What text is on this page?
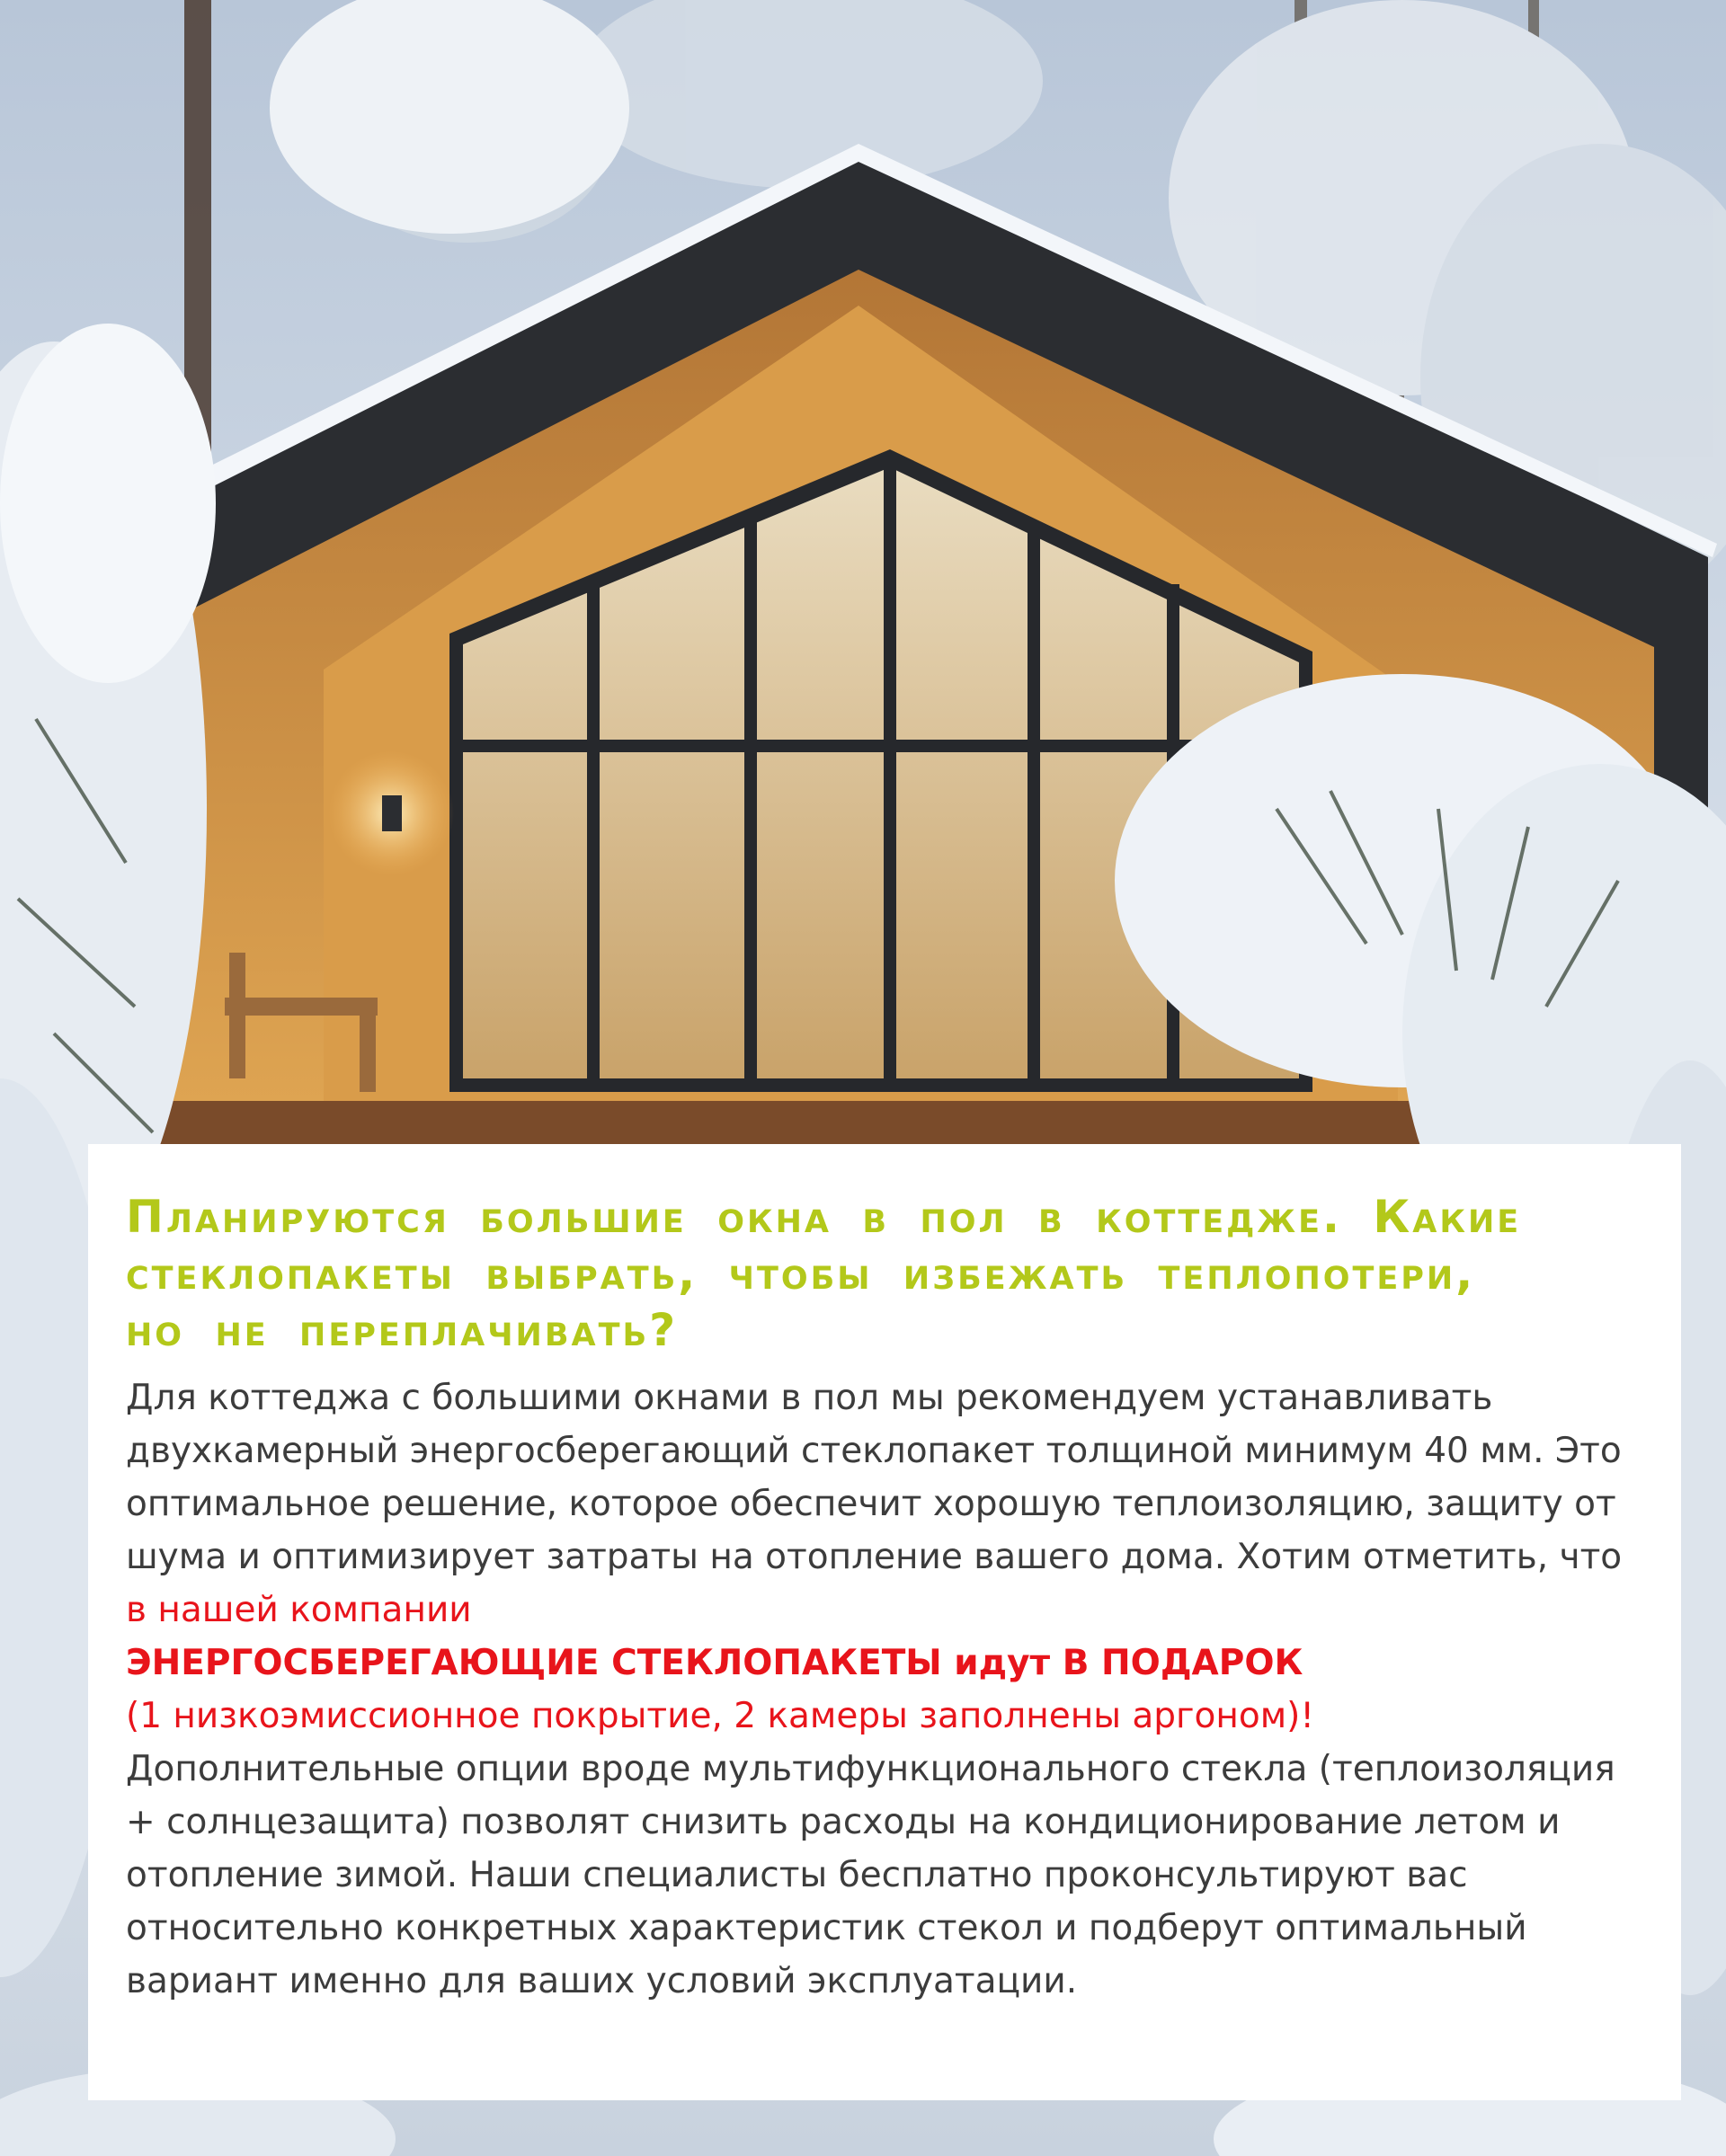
Планируются большие окна в пол в коттедже. Какие стеклопакеты выбрать, чтобы избежать теплопотери, но не переплачивать?

Для коттеджа с большими окнами в пол мы рекомендуем устанавливать двухкамерный энергосберегающий стеклопакет толщиной минимум 40 мм. Это оптимальное решение, которое обеспечит хорошую теплоизоляцию, защиту от шума и оптимизирует затраты на отопление вашего дома. Хотим отметить, что в нашей компании
ЭНЕРГОСБЕРЕГАЮЩИЕ СТЕКЛОПАКЕТЫ идут В ПОДАРОК
(1 низкоэмиссионное покрытие, 2 камеры заполнены аргоном)!
Дополнительные опции вроде мультифункционального стекла (теплоизоляция + солнцезащита) позволят снизить расходы на кондиционирование летом и отопление зимой. Наши специалисты бесплатно проконсультируют вас относительно конкретных характеристик стекол и подберут оптимальный вариант именно для ваших условий эксплуатации.
